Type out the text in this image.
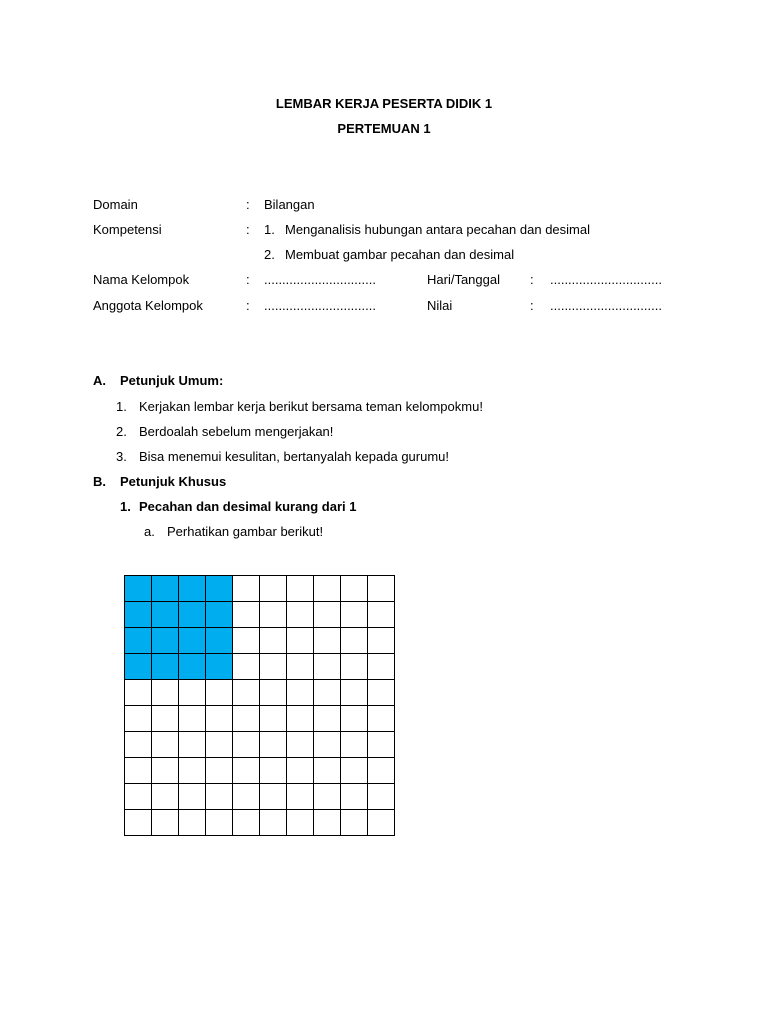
LEMBAR KERJA PESERTA DIDIK 1
PERTEMUAN 1
Domain	: Bilangan
Kompetensi	: 1. Menganalisis hubungan antara pecahan dan desimal
2. Membuat gambar pecahan dan desimal
Nama Kelompok	: ...............................	Hari/Tanggal : ...............................
Anggota Kelompok	: ...............................	Nilai	: ...............................
A. Petunjuk Umum:
1. Kerjakan lembar kerja berikut bersama teman kelompokmu!
2. Berdoalah sebelum mengerjakan!
3. Bisa menemui kesulitan, bertanyalah kepada gurumu!
B. Petunjuk Khusus
1. Pecahan dan desimal kurang dari 1
a. Perhatikan gambar berikut!
